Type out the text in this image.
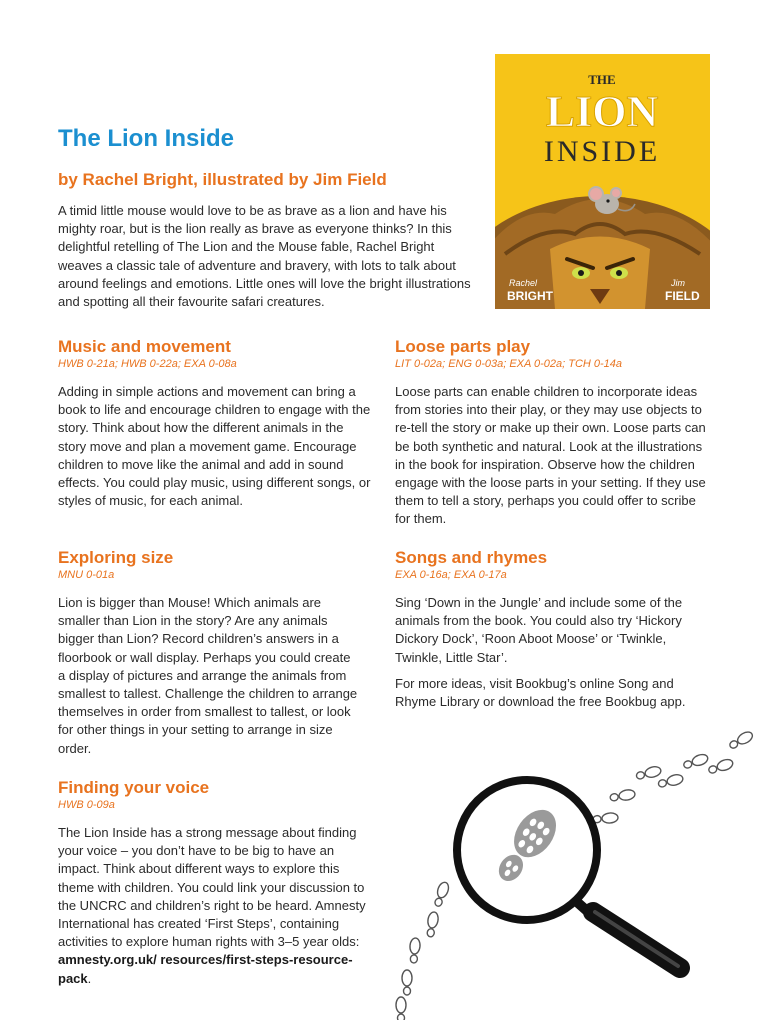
The Lion Inside
by Rachel Bright, illustrated by Jim Field

A timid little mouse would love to be as brave as a lion and have his mighty roar, but is the lion really as brave as everyone thinks? In this delightful retelling of The Lion and the Mouse fable, Rachel Bright weaves a classic tale of adventure and bravery, with lots to talk about around feelings and emotions. Little ones will love the bright illustrations and spotting all their favourite safari creatures.

THE
LION
INSIDE
Rachel
BRIGHT
Jim
FIELD
Music and movement

HWB 0-21a; HWB 0-22a; EXA 0-08a

Adding in simple actions and movement can bring a book to life and encourage children to engage with the story. Think about how the different animals in the story move and plan a movement game. Encourage children to move like the animal and add in sound effects. You could play music, using different songs, or styles of music, for each animal.

Loose parts play

LIT 0-02a; ENG 0-03a; EXA 0-02a; TCH 0-14a

Loose parts can enable children to incorporate ideas from stories into their play, or they may use objects to re-tell the story or make up their own. Loose parts can be both synthetic and natural. Look at the illustrations in the book for inspiration. Observe how the children engage with the loose parts in your setting. If they use them to tell a story, perhaps you could offer to scribe for them.

Exploring size

MNU 0-01a

Lion is bigger than Mouse! Which animals are smaller than Lion in the story? Are any animals bigger than Lion? Record children’s answers in a floorbook or wall display. Perhaps you could create a display of pictures and arrange the animals from smallest to tallest. Challenge the children to arrange themselves in order from smallest to tallest, or look for other things in your setting to arrange in size order.

Songs and rhymes

EXA 0-16a; EXA 0-17a

Sing ‘Down in the Jungle’ and include some of the animals from the book. You could also try ‘Hickory Dickory Dock’, ‘Roon Aboot Moose’ or ‘Twinkle, Twinkle, Little Star’.

For more ideas, visit Bookbug’s online Song and Rhyme Library or download the free Bookbug app.

Finding your voice

HWB 0-09a

The Lion Inside has a strong message about finding your voice – you don’t have to be big to have an impact. Think about different ways to explore this theme with children. You could link your discussion to the UNCRC and children’s right to be heard. Amnesty International has created ‘First Steps’, containing activities to explore human rights with 3–5 year olds: amnesty.org.uk/ resources/first-steps-resource-pack.
